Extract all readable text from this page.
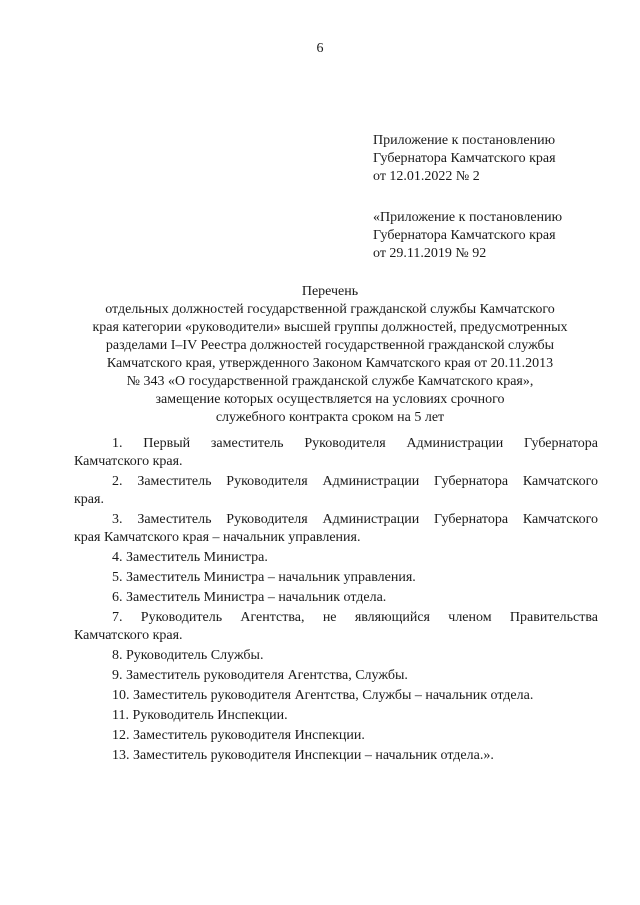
6
Приложение к постановлению
Губернатора Камчатского края
от 12.01.2022 № 2
«Приложение к постановлению
Губернатора Камчатского края
от 29.11.2019 № 92
Перечень
отдельных должностей государственной гражданской службы Камчатского
края категории «руководители» высшей группы должностей, предусмотренных
разделами I–IV Реестра должностей государственной гражданской службы
Камчатского края, утвержденного Законом Камчатского края от 20.11.2013
№ 343 «О государственной гражданской службе Камчатского края»,
замещение которых осуществляется на условиях срочного
служебного контракта сроком на 5 лет
1. Первый заместитель Руководителя Администрации Губернатора
Камчатского края.
2. Заместитель Руководителя Администрации Губернатора Камчатского
края.
3. Заместитель Руководителя Администрации Губернатора Камчатского
края Камчатского края – начальник управления.
4. Заместитель Министра.
5. Заместитель Министра – начальник управления.
6. Заместитель Министра – начальник отдела.
7. Руководитель Агентства, не являющийся членом Правительства
Камчатского края.
8. Руководитель Службы.
9. Заместитель руководителя Агентства, Службы.
10. Заместитель руководителя Агентства, Службы – начальник отдела.
11. Руководитель Инспекции.
12. Заместитель руководителя Инспекции.
13. Заместитель руководителя Инспекции – начальник отдела.».
